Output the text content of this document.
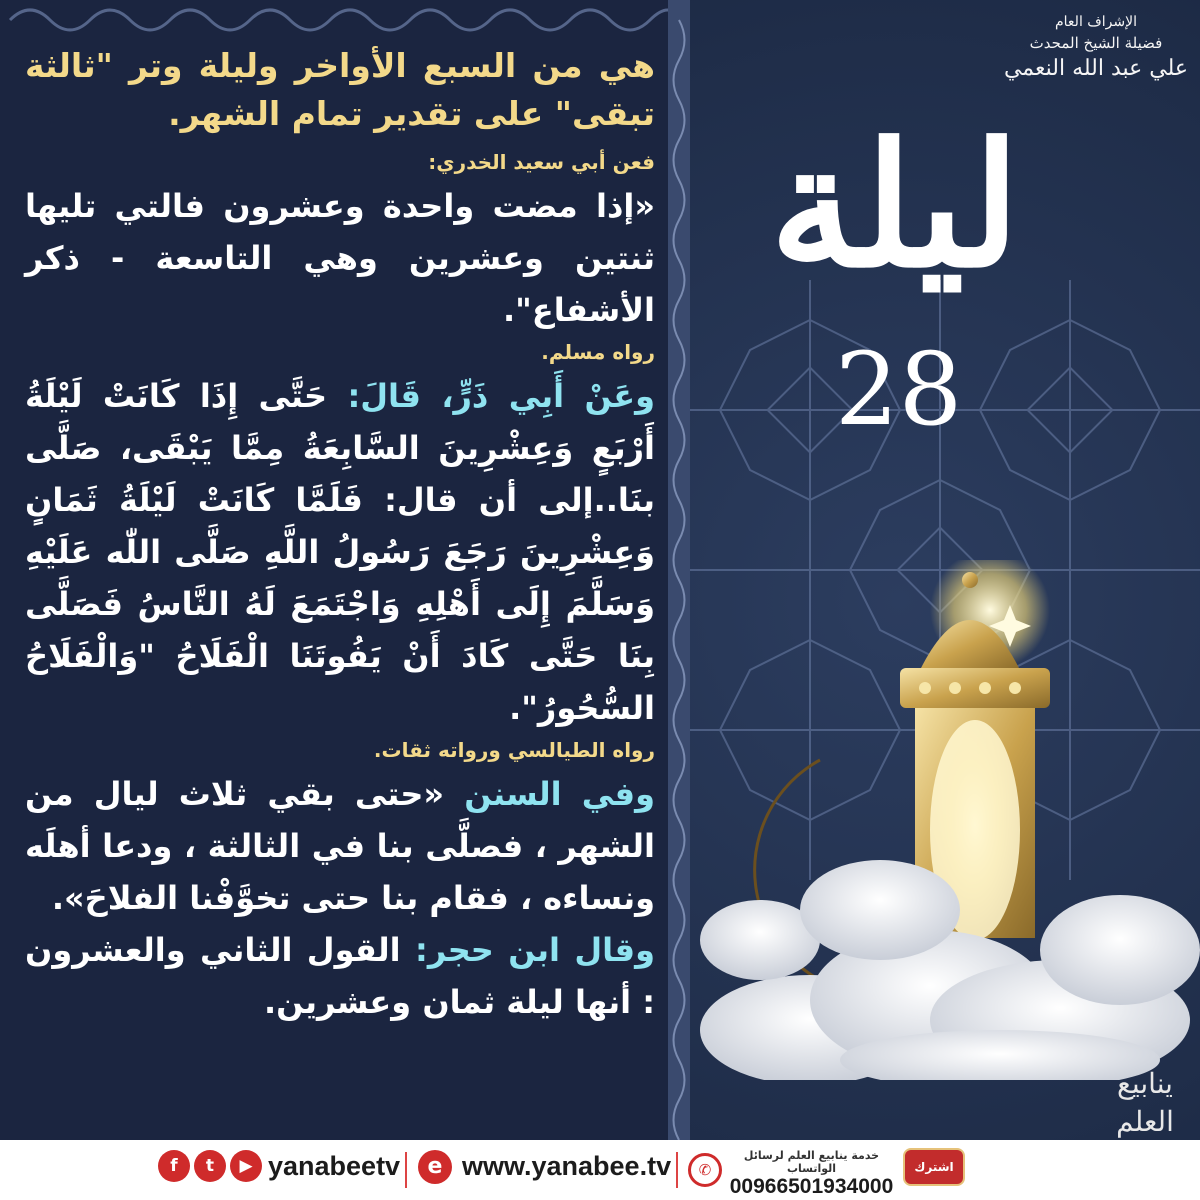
هي من السبع الأواخر وليلة وتر "ثالثة تبقى" على تقدير تمام الشهر.

فعن أبي سعيد الخدري:

«إذا مضت واحدة وعشرون فالتي تليها ثنتين وعشرين وهي التاسعة - ذكر الأشفاع".

رواه مسلم.

وعَنْ أَبِي ذَرٍّ، قَالَ: حَتَّى إِذَا كَانَتْ لَيْلَةُ أَرْبَعٍ وَعِشْرِينَ السَّابِعَةُ مِمَّا يَبْقَى، صَلَّى بنَا..إلى أن قال: فَلَمَّا كَانَتْ لَيْلَةُ ثَمَانٍ وَعِشْرِينَ رَجَعَ رَسُولُ اللَّهِ صَلَّى اللّٰه عَلَيْهِ وَسَلَّمَ إِلَى أَهْلِهِ وَاجْتَمَعَ لَهُ النَّاسُ فَصَلَّى بِنَا حَتَّى كَادَ أَنْ يَفُوتَنَا الْفَلَاحُ "وَالْفَلَاحُ السُّحُورُ".

رواه الطيالسي ورواته ثقات.

وفي السنن «حتى بقي ثلاث ليال من الشهر ، فصلَّى بنا في الثالثة ، ودعا أهلَه ونساءه ، فقام بنا حتى تخوَّفْنا الفلاحَ».

وقال ابن حجر: القول الثاني والعشرون : أنها ليلة ثمان وعشرين.

الإشراف العام
فضيلة الشيخ المحدث
علي عبد الله النعمي
ليلة
28
ينابيع العلم
f	t	▶ yanabeetv	e www.yanabee.tv	✆
خدمة ينابيع العلم لرسائل الواتساب
00966501934000
اشترك
